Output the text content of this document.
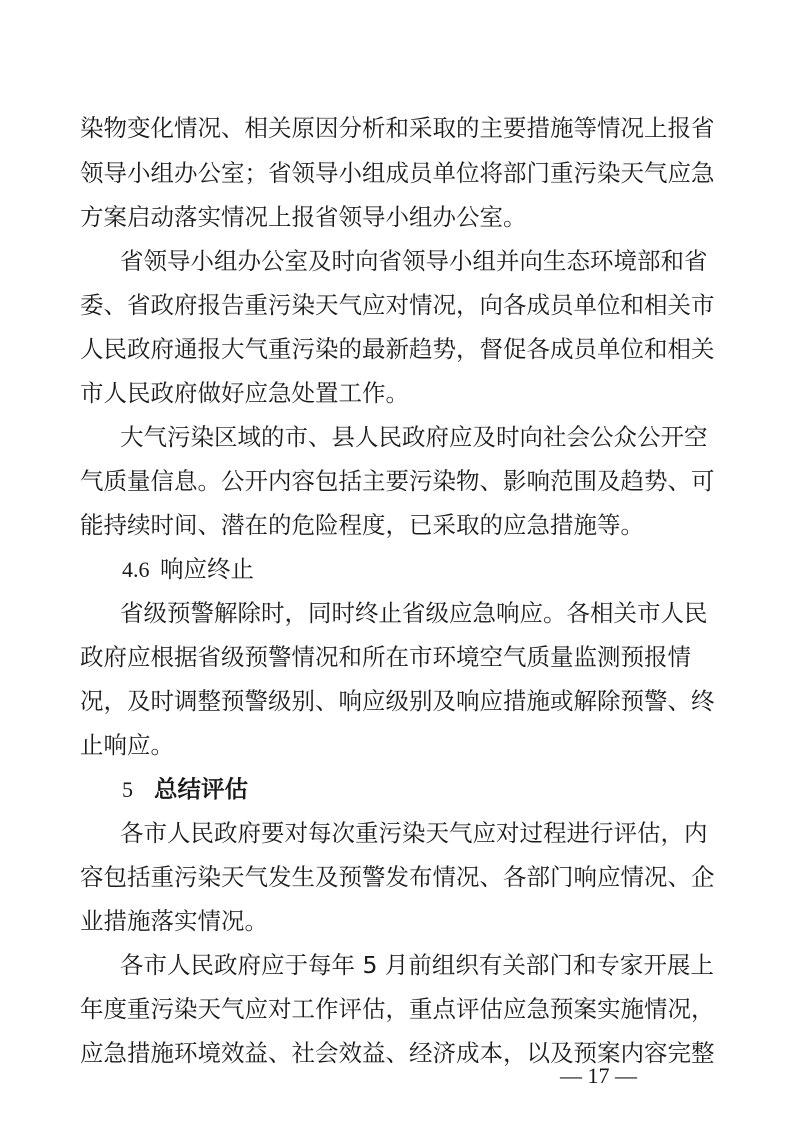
染物变化情况、相关原因分析和采取的主要措施等情况上报省
领导小组办公室；省领导小组成员单位将部门重污染天气应急
方案启动落实情况上报省领导小组办公室。
省领导小组办公室及时向省领导小组并向生态环境部和省
委、省政府报告重污染天气应对情况，向各成员单位和相关市
人民政府通报大气重污染的最新趋势，督促各成员单位和相关
市人民政府做好应急处置工作。
大气污染区域的市、县人民政府应及时向社会公众公开空
气质量信息。公开内容包括主要污染物、影响范围及趋势、可
能持续时间、潜在的危险程度，已采取的应急措施等。
4.6 响应终止
省级预警解除时，同时终止省级应急响应。各相关市人民
政府应根据省级预警情况和所在市环境空气质量监测预报情
况，及时调整预警级别、响应级别及响应措施或解除预警、终
止响应。
5 总结评估
各市人民政府要对每次重污染天气应对过程进行评估，内
容包括重污染天气发生及预警发布情况、各部门响应情况、企
业措施落实情况。
各市人民政府应于每年 5 月前组织有关部门和专家开展上
年度重污染天气应对工作评估，重点评估应急预案实施情况，
应急措施环境效益、社会效益、经济成本，以及预案内容完整
— 17 —
